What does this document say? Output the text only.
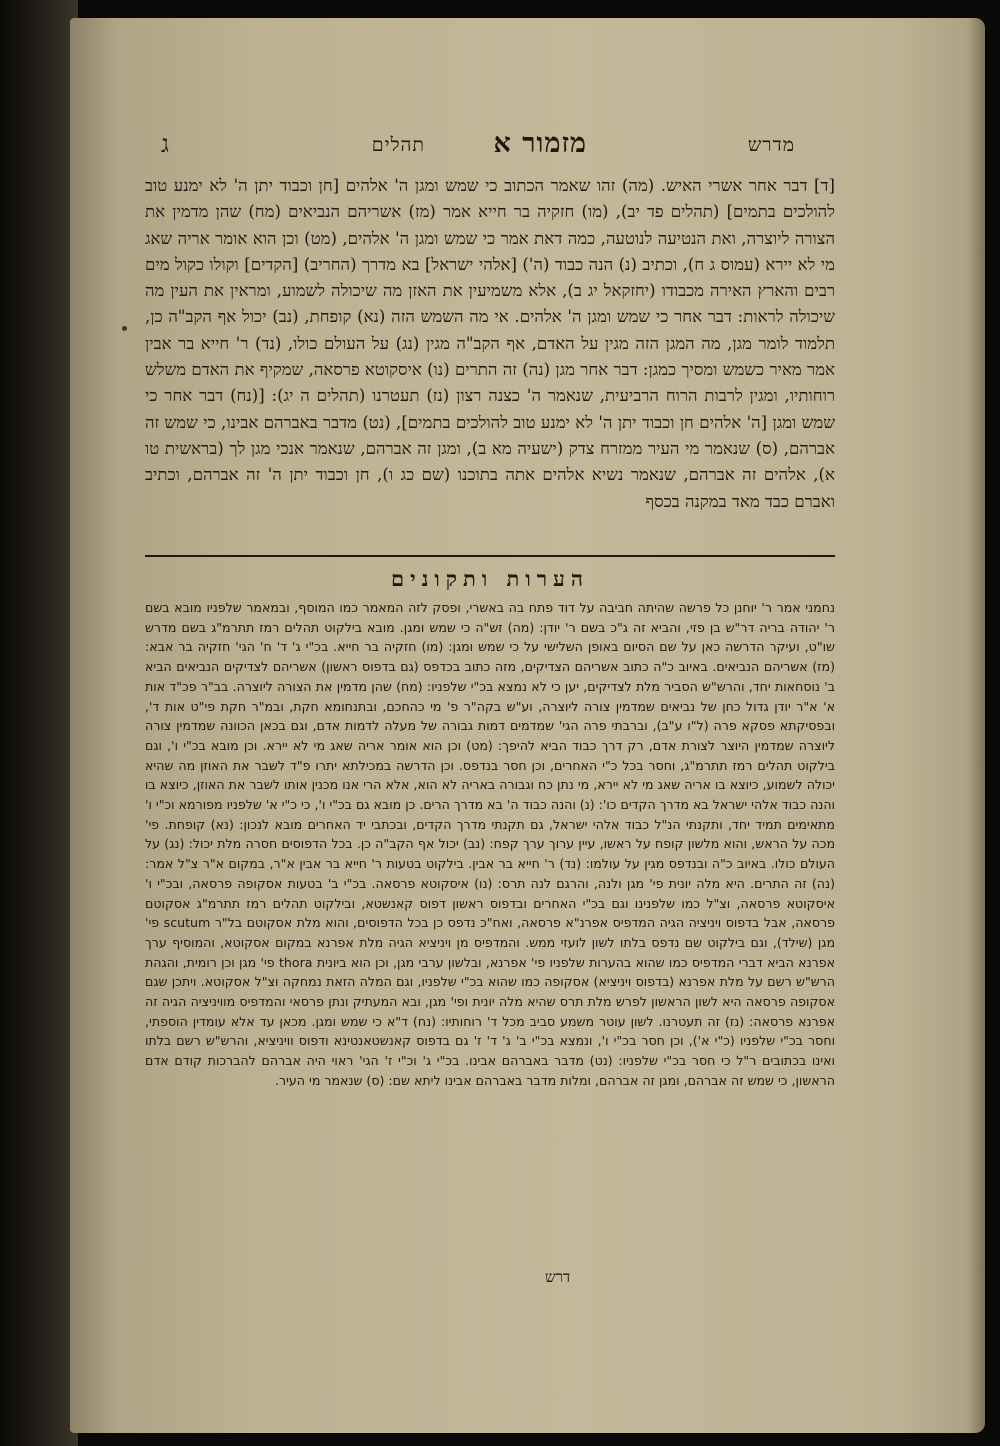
מדרש
מזמור א
תהלים
ג

[ד] דבר אחר אשרי האיש. (מה) זהו שאמר הכתוב כי שמש ומגן ה' אלהים [חן וכבוד יתן ה' לא ימנע טוב להולכים בתמים] (תהלים פד יב), (מו) חזקיה בר חייא אמר (מז) אשריהם הנביאים (מח) שהן מדמין את הצורה ליוצרה, ואת הנטיעה לנוטעה, כמה דאת אמר כי שמש ומגן ה' אלהים, (מט) וכן הוא אומר אריה שאג מי לא יירא (עמוס ג ח), וכתיב (נ) הנה כבוד (ה') [אלהי ישראל] בא מדרך (החריב) [הקדים] וקולו כקול מים רבים והארץ האירה מכבודו (יחזקאל יג ב), אלא משמיעין את האזן מה שיכולה לשמוע, ומראין את העין מה שיכולה לראות: דבר אחר כי שמש ומגן ה' אלהים. אי מה השמש הזה (נא) קופחת, (נב) יכול אף הקב"ה כן, תלמוד לומר מגן, מה המגן הזה מגין על האדם, אף הקב"ה מגין (נג) על העולם כולו, (נד) ר' חייא בר אבין אמר מאיר כשמש ומסיך כמגן: דבר אחר מגן (נה) זה התרים (נו) איסקוטא פרסאה, שמקיף את האדם משלש רוחותיו, ומגין לרבות הרוח הרביעית, שנאמר ה' כצנה רצון (נז) תעטרנו (תהלים ה יג): [(נח) דבר אחר כי שמש ומגן [ה' אלהים חן וכבוד יתן ה' לא ימנע טוב להולכים בתמים], (נט) מדבר באברהם אבינו, כי שמש זה אברהם, (ס) שנאמר מי העיר ממזרח צדק (ישעיה מא ב), ומגן זה אברהם, שנאמר אנכי מגן לך (בראשית טו א), אלהים זה אברהם, שנאמר נשיא אלהים אתה בתוכנו (שם כג ו), חן וכבוד יתן ה' זה אברהם, וכתיב ואברם כבד מאד במקנה בכסף

הערות ותקונים

נחמני אמר ר' יוחנן כל פרשה שהיתה חביבה על דוד פתח בה באשרי, ופסק לזה המאמר כמו המוסף, ובמאמר שלפניו מובא בשם ר' יהודה בריה דר"ש בן פזי, והביא זה ג"כ בשם ר' יודן: (מה) זש"ה כי שמש ומגן. מובא בילקוט תהלים רמז תתרמ"ג בשם מדרש שו"ט, ועיקר הדרשה כאן על שם הסיום באופן השלישי על כי שמש ומגן: (מו) חזקיה בר חייא. בכ"י ג' ד' ח' הגי' חזקיה בר אבא: (מז) אשריהם הנביאים. באיוב כ"ה כתוב אשריהם הצדיקים, מזה כתוב בכדפס (גם בדפוס ראשון) אשריהם לצדיקים הנביאים הביא ב' נוסחאות יחד, והרש"ש הסביר מלת לצדיקים, יען כי לא נמצא בכ"י שלפניו: (מח) שהן מדמין את הצורה ליוצרה. בב"ר פכ"ד אות א' א"ר יודן גדול כחן של נביאים שמדמין צורה ליוצרה, וע"ש בקה"ר פ' מי כהחכם, ובתנחומא חקת, ובמ"ר חקת פי"ט אות ד', ובפסיקתא פסקא פרה (ל"ו ע"ב), וברבתי פרה הגי' שמדמים דמות גבורה של מעלה לדמות אדם, וגם בכאן הכוונה שמדמין צורה ליוצרה שמדמין היוצר לצורת אדם, רק דרך כבוד הביא להיפך: (מט) וכן הוא אומר אריה שאג מי לא יירא. וכן מובא בכ"י ו', וגם בילקוט תהלים רמז תתרמ"ג, וחסר בכל כ"י האחרים, וכן חסר בנדפס. וכן הדרשה במכילתא יתרו פ"ד לשבר את האוזן מה שהיא יכולה לשמוע, כיוצא בו אריה שאג מי לא יירא, מי נתן כח וגבורה באריה לא הוא, אלא הרי אנו מכנין אותו לשבר את האוזן, כיוצא בו והנה כבוד אלהי ישראל בא מדרך הקדים כו': (נ) והנה כבוד ה' בא מדרך הרים. כן מובא גם בכ"י ו', כי כ"י א' שלפניו מפורמא וכ"י ו' מתאימים תמיד יחד, ותקנתי הנ"ל כבוד אלהי ישראל, גם תקנתי מדרך הקדים, ובכתבי יד האחרים מובא לנכון: (נא) קופחת. פי' מכה על הראש, והוא מלשון קופח על ראשו, עיין ערוך ערך קפח: (נב) יכול אף הקב"ה כן. בכל הדפוסים חסרה מלת יכול: (נג) על העולם כולו. באיוב כ"ה ובנדפס מגין על עולמו: (נד) ר' חייא בר אבין. בילקוט בטעות ר' חייא בר אבין א"ר, במקום א"ר צ"ל אמר: (נה) זה התרים. היא מלה יונית פי' מגן ולנה, והרגם לנה תרס: (נו) איסקוטא פרסאה. בכ"י ב' בטעות אסקופה פרסאה, ובכ"י ו' איסקוטא פרסאה, וצ"ל כמו שלפנינו וגם בכ"י האחרים ובדפוס ראשון דפוס קאנשטא, ובילקוט תהלים רמז תתרמ"ג אסקוטם פרסאה, אבל בדפוס ויניציה הגיה המדפיס אפרנ"א פרסאה, ואח"כ נדפס כן בכל הדפוסים, והוא מלת אסקוטם בל"ר scutum פי' מגן (שילד), וגם בילקוט שם נדפס בלתו לשון לועזי ממש. והמדפיס מן ויניציא הגיה מלת אפרנא במקום אסקוטא, והמוסיף ערך אפרנא הביא דברי המדפיס כמו שהוא בהערות שלפניו פי' אפרנא, ובלשון ערבי מגן, וכן הוא ביונית thora פי' מגן וכן רומית, והגהת הרש"ש רשם על מלת אפרנא (בדפוס ויניציא) אסקופה כמו שהוא בכ"י שלפניו, וגם המלה הזאת נמחקה וצ"ל אסקוטא. ויתכן שגם אסקופה פרסאה היא לשון הראשון לפרש מלת תרס שהיא מלה יונית ופי' מגן, ובא המעתיק ונתן פרסאי והמדפיס מוויניציה הגיה זה אפרנא פרסאה: (נז) זה תעטרנו. לשון עוטר משמע סביב מכל ד' רוחותיו: (נח) ד"א כי שמש ומגן. מכאן עד אלא עומדין הוספתי, וחסר בכ"י שלפניו (כ"י א'), וכן חסר בכ"י ו', ונמצא בכ"י ב' ג' ד' ז' גם בדפוס קאנשטאנטינא ודפוס וויניציא, והרש"ש רשם בלתו ואינו בכתובים ר"ל כי חסר בכ"י שלפניו: (נט) מדבר באברהם אבינו. בכ"י ג' וכ"י ז' הגי' ראוי היה אברהם להברכות קודם אדם הראשון, כי שמש זה אברהם, ומגן זה אברהם, ומלות מדבר באברהם אבינו ליתא שם: (ס) שנאמר מי העיר.

דרש
